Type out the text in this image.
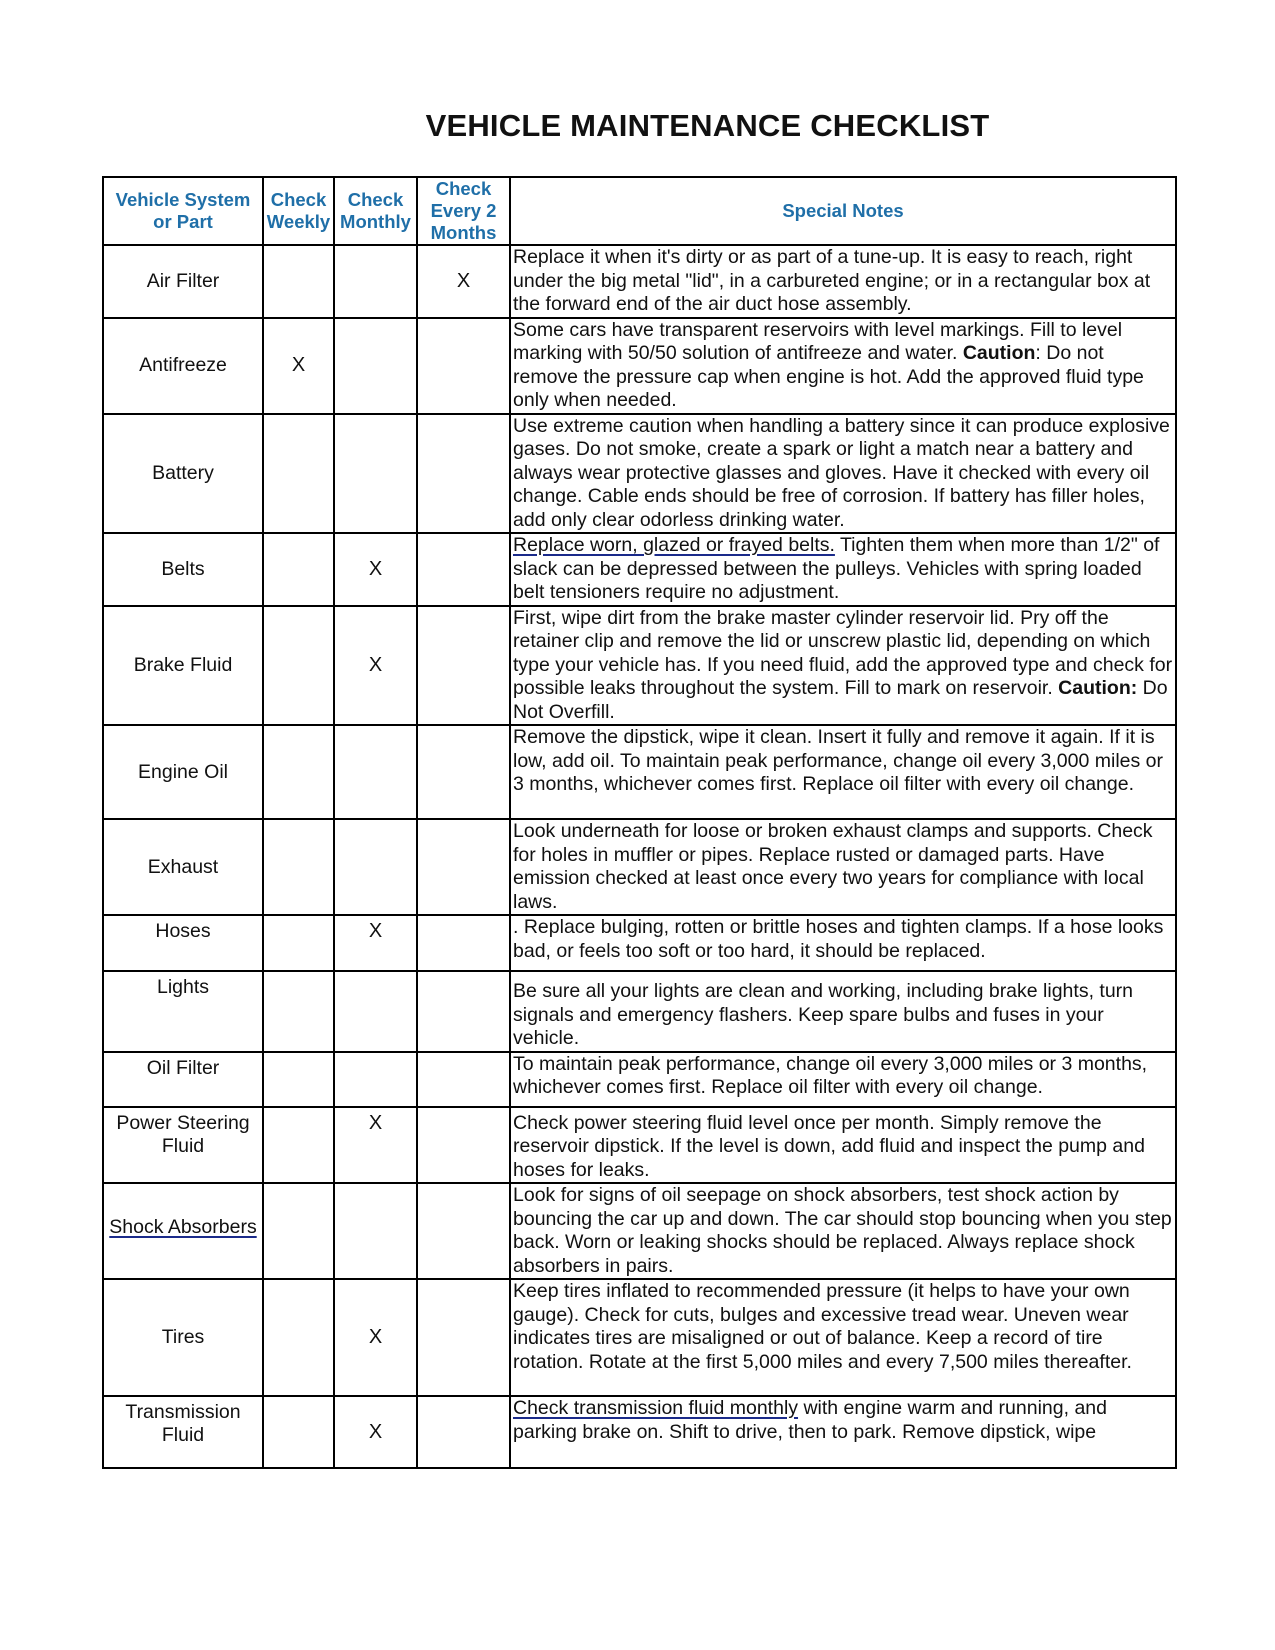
VEHICLE MAINTENANCE CHECKLIST
Vehicle System or Part	Check Weekly	Check Monthly	Check Every 2 Months	Special Notes
Air Filter			X	Replace it when it's dirty or as part of a tune-up. It is easy to reach, right under the big metal "lid", in a carbureted engine; or in a rectangular box at the forward end of the air duct hose assembly.
Antifreeze	X			Some cars have transparent reservoirs with level markings. Fill to level marking with 50/50 solution of antifreeze and water. Caution: Do not remove the pressure cap when engine is hot. Add the approved fluid type only when needed.
Battery				Use extreme caution when handling a battery since it can produce explosive gases. Do not smoke, create a spark or light a match near a battery and always wear protective glasses and gloves. Have it checked with every oil change. Cable ends should be free of corrosion. If battery has filler holes, add only clear odorless drinking water.
Belts		X		Replace worn, glazed or frayed belts. Tighten them when more than 1/2" of slack can be depressed between the pulleys. Vehicles with spring loaded belt tensioners require no adjustment.
Brake Fluid		X		First, wipe dirt from the brake master cylinder reservoir lid. Pry off the retainer clip and remove the lid or unscrew plastic lid, depending on which type your vehicle has. If you need fluid, add the approved type and check for possible leaks throughout the system. Fill to mark on reservoir. Caution: Do Not Overfill.
Engine Oil				Remove the dipstick, wipe it clean. Insert it fully and remove it again. If it is low, add oil. To maintain peak performance, change oil every 3,000 miles or 3 months, whichever comes first. Replace oil filter with every oil change.
Exhaust				Look underneath for loose or broken exhaust clamps and supports. Check for holes in muffler or pipes. Replace rusted or damaged parts. Have emission checked at least once every two years for compliance with local laws.
Hoses		X		. Replace bulging, rotten or brittle hoses and tighten clamps. If a hose looks bad, or feels too soft or too hard, it should be replaced.
Lights				Be sure all your lights are clean and working, including brake lights, turn signals and emergency flashers. Keep spare bulbs and fuses in your vehicle.
Oil Filter				To maintain peak performance, change oil every 3,000 miles or 3 months, whichever comes first. Replace oil filter with every oil change.
Power Steering Fluid		X		Check power steering fluid level once per month. Simply remove the reservoir dipstick. If the level is down, add fluid and inspect the pump and hoses for leaks.
Shock Absorbers				Look for signs of oil seepage on shock absorbers, test shock action by bouncing the car up and down. The car should stop bouncing when you step back. Worn or leaking shocks should be replaced. Always replace shock absorbers in pairs.
Tires		X		Keep tires inflated to recommended pressure (it helps to have your own gauge). Check for cuts, bulges and excessive tread wear. Uneven wear indicates tires are misaligned or out of balance. Keep a record of tire rotation. Rotate at the first 5,000 miles and every 7,500 miles thereafter.
Transmission Fluid		X		Check transmission fluid monthly with engine warm and running, and parking brake on. Shift to drive, then to park. Remove dipstick, wipe
